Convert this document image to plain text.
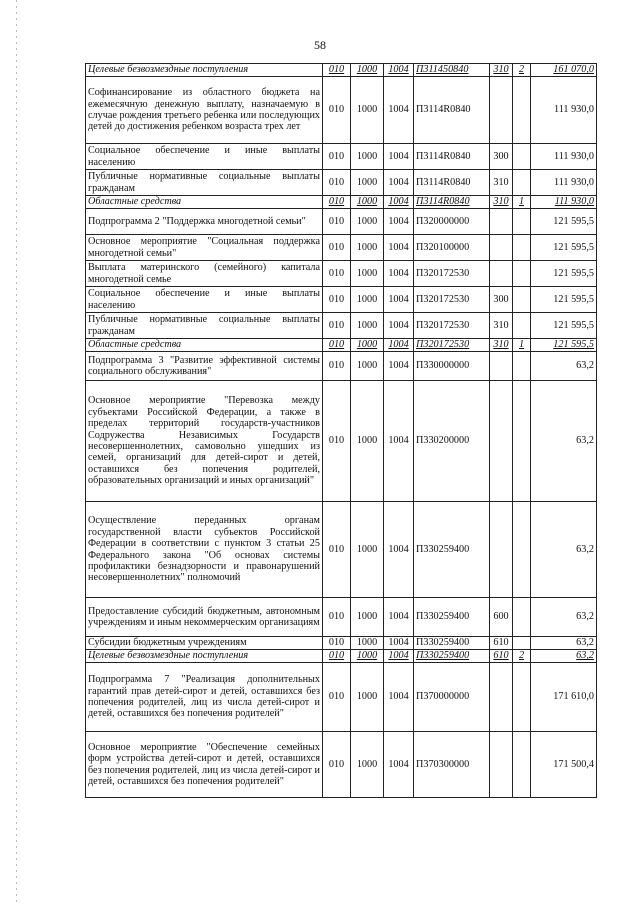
58
Целевые безвозмездные поступления	010	1000	1004	П311450840	310	2	161 070,0
Софинансирование из областного бюджета на ежемесячную денежную выплату, назначаемую в случае рождения третьего ребенка или последующих детей до достижения ребенком возраста трех лет	010	1000	1004	П3114R0840			111 930,0
Социальное обеспечение и иные выплаты населению	010	1000	1004	П3114R0840	300		111 930,0
Публичные нормативные социальные выплаты гражданам	010	1000	1004	П3114R0840	310		111 930,0
Областные средства	010	1000	1004	П3114R0840	310	1	111 930,0
Подпрограмма 2 "Поддержка многодетной семьи"	010	1000	1004	П320000000			121 595,5
Основное мероприятие "Социальная поддержка многодетной семьи"	010	1000	1004	П320100000			121 595,5
Выплата материнского (семейного) капитала многодетной семье	010	1000	1004	П320172530			121 595,5
Социальное обеспечение и иные выплаты населению	010	1000	1004	П320172530	300		121 595,5
Публичные нормативные социальные выплаты гражданам	010	1000	1004	П320172530	310		121 595,5
Областные средства	010	1000	1004	П320172530	310	1	121 595,5
Подпрограмма 3 "Развитие эффективной системы социального обслуживания"	010	1000	1004	П330000000			63,2
Основное мероприятие "Перевозка между субъектами Российской Федерации, а также в пределах территорий государств-участников Содружества Независимых Государств несовершеннолетних, самовольно ушедших из семей, организаций для детей-сирот и детей, оставшихся без попечения родителей, образовательных организаций и иных организаций"	010	1000	1004	П330200000			63,2
Осуществление переданных органам государственной власти субъектов Российской Федерации в соответствии с пунктом 3 статьи 25 Федерального закона "Об основах системы профилактики безнадзорности и правонарушений несовершеннолетних" полномочий	010	1000	1004	П330259400			63,2
Предоставление субсидий бюджетным, автономным учреждениям и иным некоммерческим организациям	010	1000	1004	П330259400	600		63,2
Субсидии бюджетным учреждениям	010	1000	1004	П330259400	610		63,2
Целевые безвозмездные поступления	010	1000	1004	П330259400	610	2	63,2
Подпрограмма 7 "Реализация дополнительных гарантий прав детей-сирот и детей, оставшихся без попечения родителей, лиц из числа детей-сирот и детей, оставшихся без попечения родителей"	010	1000	1004	П370000000			171 610,0
Основное мероприятие "Обеспечение семейных форм устройства детей-сирот и детей, оставшихся без попечения родителей, лиц из числа детей-сирот и детей, оставшихся без попечения родителей"	010	1000	1004	П370300000			171 500,4
